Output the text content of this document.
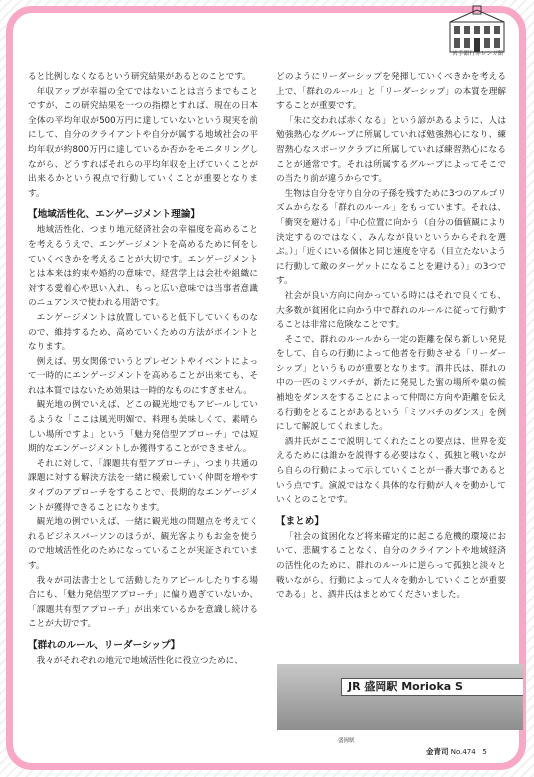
岩手銀行赤レンガ館

ると比例しなくなるという研究結果があるとのことです。

年収アップが幸福の全てではないことは言うまでもことですが、この研究結果を一つの指標とすれば、現在の日本全体の平均年収が500万円に達していないという現実を前にして、自分のクライアントや自分が属する地域社会の平均年収が約800万円に達しているか否かをモニタリングしながら、どうすればそれらの平均年収を上げていくことが出来るかという視点で行動していくことが重要となります。

【地域活性化、エンゲージメント理論】

地域活性化、つまり地元経済社会の幸福度を高めることを考えるうえで、エンゲージメントを高めるために何をしていくべきかを考えることが大切です。エンゲージメントとは本来は約束や婚約の意味で、経営学上は会社や組織に対する愛着心や思い入れ、もっと広い意味では当事者意識のニュアンスで使われる用語です。

エンゲージメントは放置していると低下していくものなので、維持するため、高めていくための方法がポイントとなります。

例えば、男女関係でいうとプレゼントやイベントによって一時的にエンゲージメントを高めることが出来ても、それは本質ではないため効果は一時的なものにすぎません。

観光地の例でいえば、どこの観光地でもアピールしているような「ここは風光明媚で、料理も美味しくて、素晴らしい場所ですよ」という「魅力発信型アプローチ」では短期的なエンゲージメントしか獲得することができません。

それに対して、「課題共有型アプローチ」、つまり共通の課題に対する解決方法を一緒に模索していく仲間を増やすタイプのアプローチをすることで、長期的なエンゲージメントが獲得できることになります。

観光地の例でいえば、一緒に観光地の問題点を考えてくれるビジネスパーソンのほうが、観光客よりもお金を使うので地域活性化のためになっていることが実証されています。

我々が司法書士として活動したりアピールしたりする場合にも、「魅力発信型アプローチ」に偏り過ぎていないか、「課題共有型アプローチ」が出来ているかを意識し続けることが大切です。

【群れのルール、リーダーシップ】

我々がそれぞれの地元で地域活性化に役立つために、

どのようにリーダーシップを発揮していくべきかを考える上で、「群れのルール」と「リーダーシップ」の本質を理解することが重要です。

「朱に交われば赤くなる」という諺があるように、人は勉強熱心なグループに所属していれば勉強熱心になり、練習熱心なスポーツクラブに所属していれば練習熱心になることが通常です。それは所属するグループによってそこでの当たり前が違うからです。

生物は自分を守り自分の子孫を残すために3つのアルゴリズムからなる「群れのルール」をもっています。それは、「衝突を避ける」「中心位置に向かう（自分の価値観により決定するのではなく、みんなが良いというからそれを選ぶ。）」「近くにいる個体と同じ速度を守る（目立たないように行動して敵のターゲットになることを避ける）」の3つです。

社会が良い方向に向かっている時にはそれで良くても、大多数が貧困化に向かう中で群れのルールに従って行動することは非常に危険なことです。

そこで、群れのルールから一定の距離を保ち新しい発見をして、自らの行動によって他者を行動させる「リーダーシップ」というものが重要となります。酒井氏は、群れの中の一匹のミツバチが、新たに発見した蜜の場所や巣の候補地をダンスをすることによって仲間に方向や距離を伝える行動をとることがあるという「ミツバチのダンス」を例にして解説してくれました。

酒井氏がここで説明してくれたことの要点は、世界を変えるためには誰かを説得する必要はなく、孤独と戦いながら自らの行動によって示していくことが一番大事であるという点です。演説ではなく具体的な行動が人々を動かしていくとのことです。

【まとめ】

「社会の貧困化など将来確定的に起こる危機的環境において、悲観することなく、自分のクライアントや地域経済の活性化のために、群れのルールに逆らって孤独と淡々と戦いながら、行動によって人々を動かしていくことが重要である」と、酒井氏はまとめてくださいました。

JR 盛岡駅 Morioka S
盛岡駅
金青司 No.474 5
